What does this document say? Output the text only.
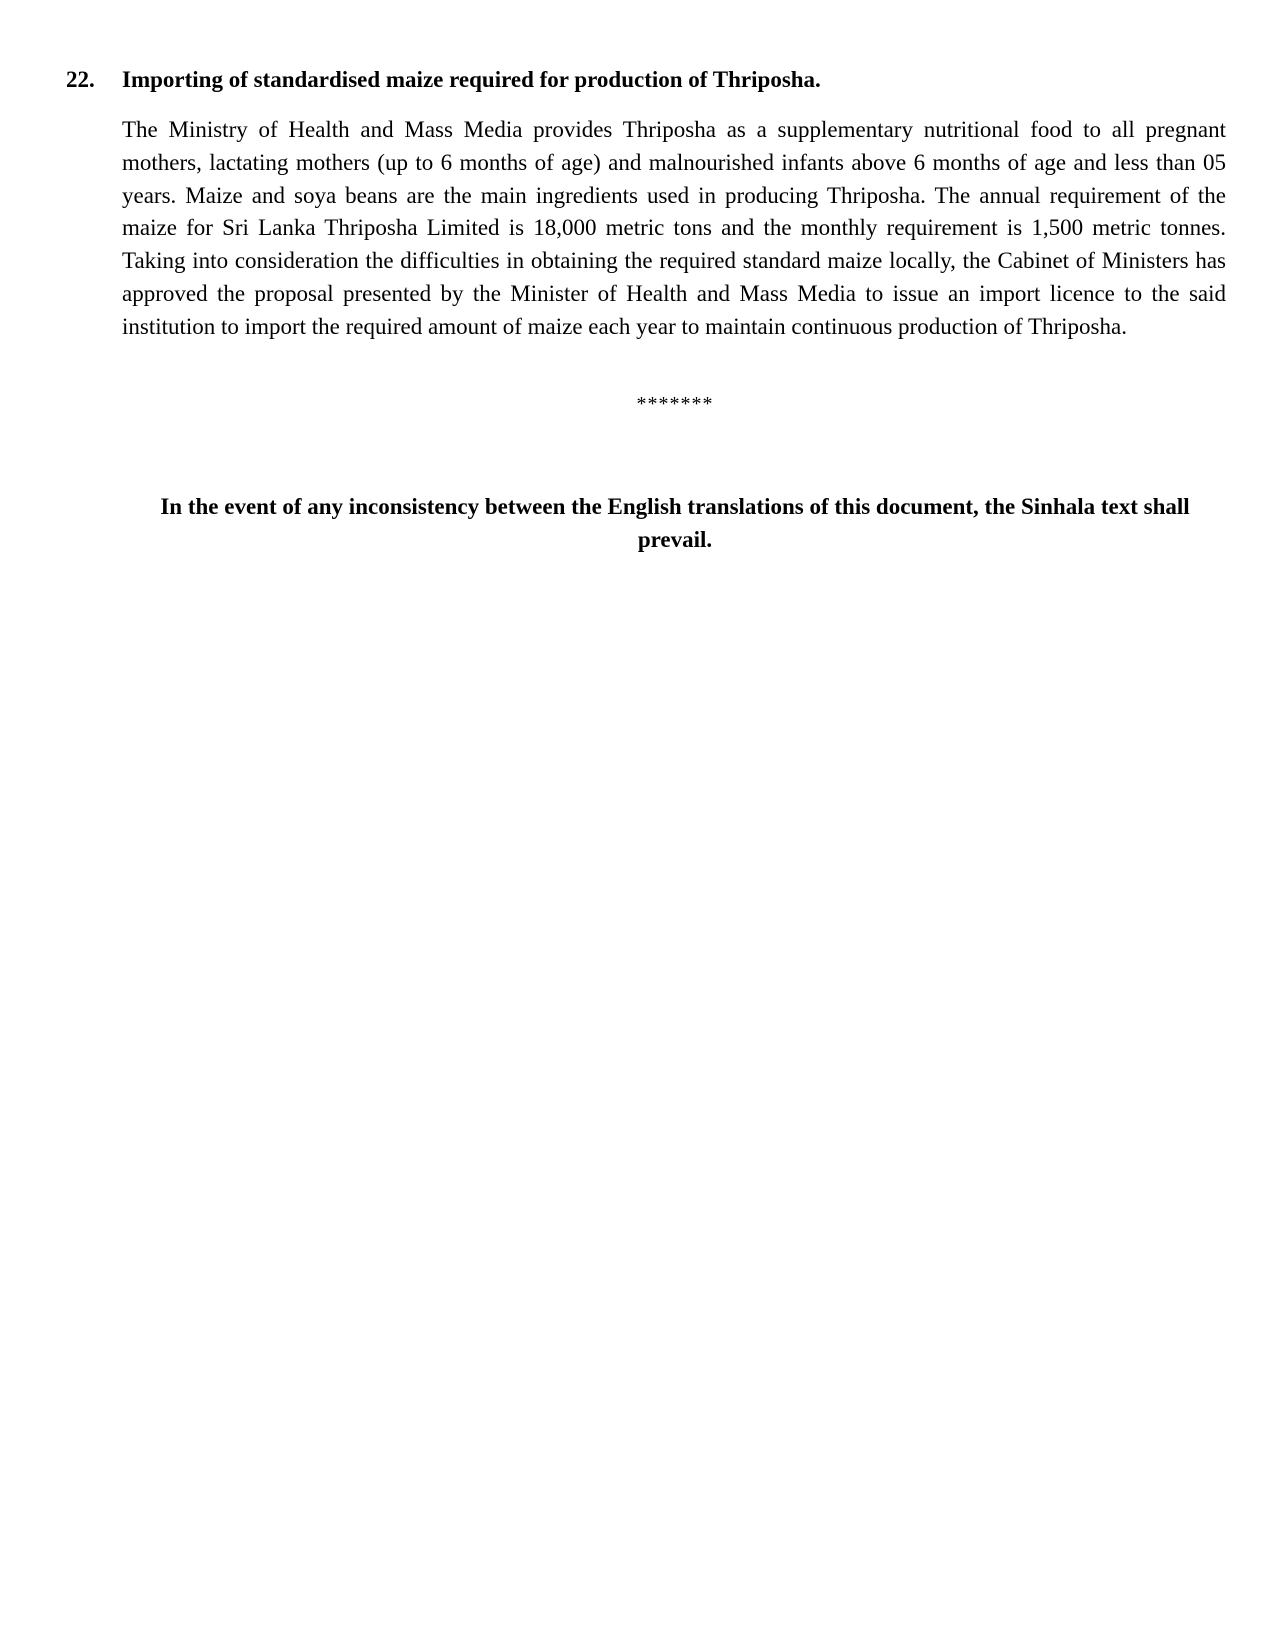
22. Importing of standardised maize required for production of Thriposha.

The Ministry of Health and Mass Media provides Thriposha as a supplementary nutritional food to all pregnant mothers, lactating mothers (up to 6 months of age) and malnourished infants above 6 months of age and less than 05 years. Maize and soya beans are the main ingredients used in producing Thriposha. The annual requirement of the maize for Sri Lanka Thriposha Limited is 18,000 metric tons and the monthly requirement is 1,500 metric tonnes. Taking into consideration the difficulties in obtaining the required standard maize locally, the Cabinet of Ministers has approved the proposal presented by the Minister of Health and Mass Media to issue an import licence to the said institution to import the required amount of maize each year to maintain continuous production of Thriposha.

*******

In the event of any inconsistency between the English translations of this document, the Sinhala text shall prevail.
